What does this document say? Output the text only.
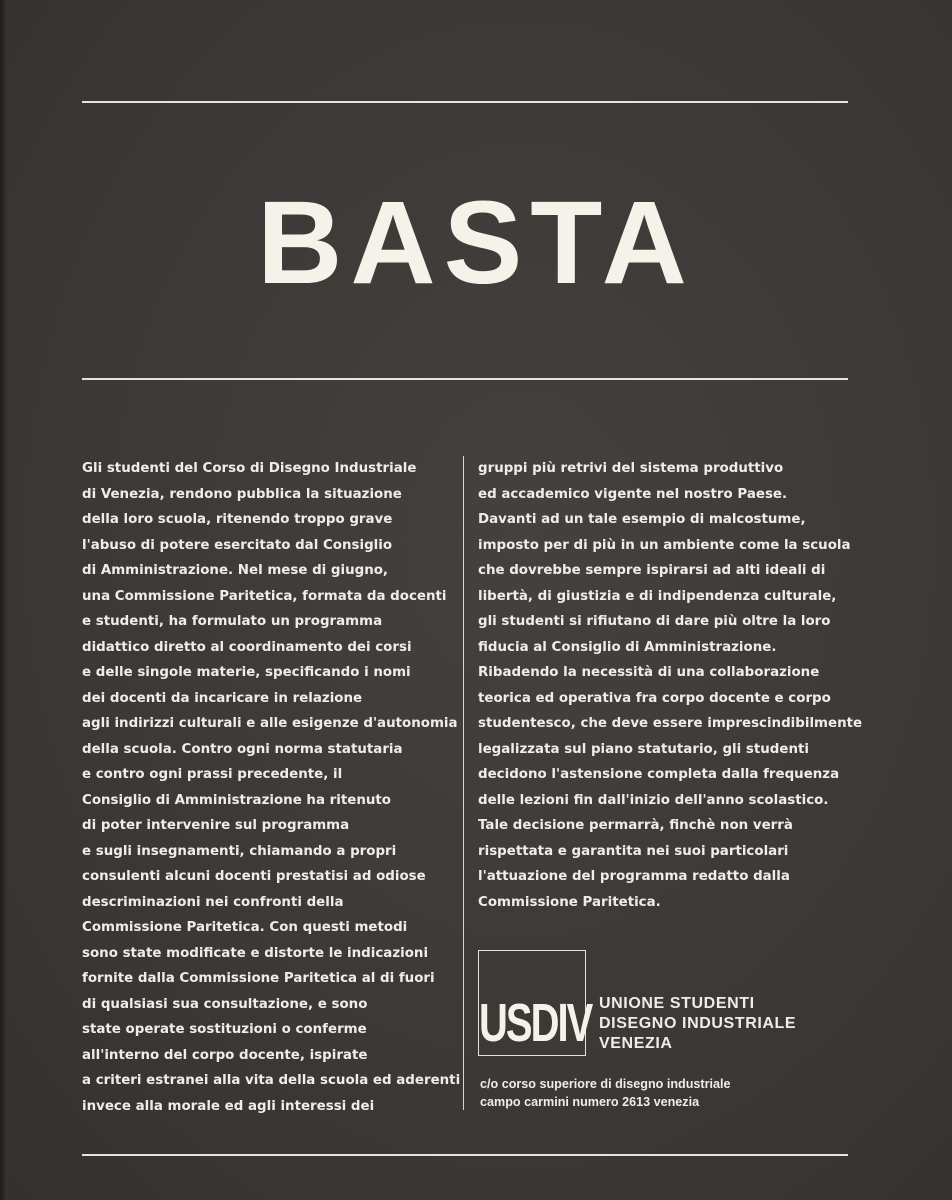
BASTA
Gli studenti del Corso di Disegno Industriale
di Venezia, rendono pubblica la situazione
della loro scuola, ritenendo troppo grave
l'abuso di potere esercitato dal Consiglio
di Amministrazione. Nel mese di giugno,
una Commissione Paritetica, formata da docenti
e studenti, ha formulato un programma
didattico diretto al coordinamento dei corsi
e delle singole materie, specificando i nomi
dei docenti da incaricare in relazione
agli indirizzi culturali e alle esigenze d'autonomia
della scuola. Contro ogni norma statutaria
e contro ogni prassi precedente, il
Consiglio di Amministrazione ha ritenuto
di poter intervenire sul programma
e sugli insegnamenti, chiamando a propri
consulenti alcuni docenti prestatisi ad odiose
descriminazioni nei confronti della
Commissione Paritetica. Con questi metodi
sono state modificate e distorte le indicazioni
fornite dalla Commissione Paritetica al di fuori
di qualsiasi sua consultazione, e sono
state operate sostituzioni o conferme
all'interno del corpo docente, ispirate
a criteri estranei alla vita della scuola ed aderenti
invece alla morale ed agli interessi dei
gruppi più retrivi del sistema produttivo
ed accademico vigente nel nostro Paese.
Davanti ad un tale esempio di malcostume,
imposto per di più in un ambiente come la scuola
che dovrebbe sempre ispirarsi ad alti ideali di
libertà, di giustizia e di indipendenza culturale,
gli studenti si rifiutano di dare più oltre la loro
fiducia al Consiglio di Amministrazione.
Ribadendo la necessità di una collaborazione
teorica ed operativa fra corpo docente e corpo
studentesco, che deve essere imprescindibilmente
legalizzata sul piano statutario, gli studenti
decidono l'astensione completa dalla frequenza
delle lezioni fin dall'inizio dell'anno scolastico.
Tale decisione permarrà, finchè non verrà
rispettata e garantita nei suoi particolari
l'attuazione del programma redatto dalla
Commissione Paritetica.
USDIV UNIONE STUDENTI
DISEGNO INDUSTRIALE
VENEZIA
c/o corso superiore di disegno industriale
campo carmini numero 2613 venezia
